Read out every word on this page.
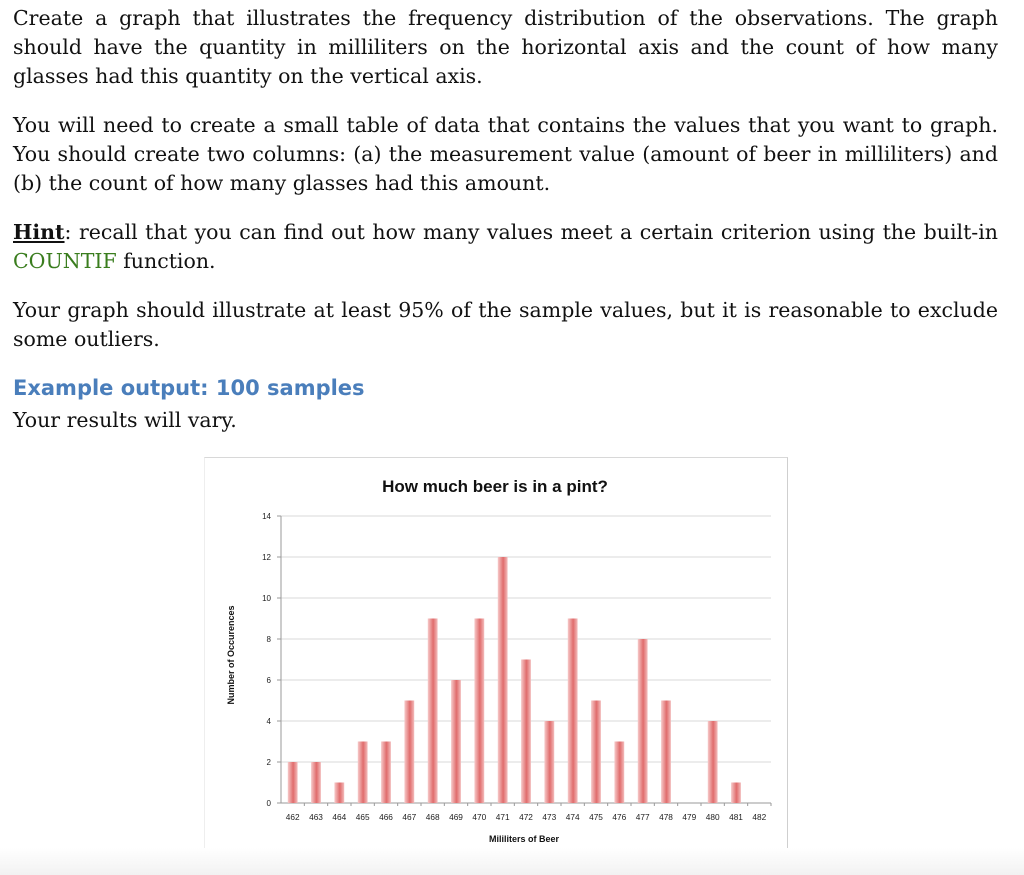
Create a graph that illustrates the frequency distribution of the observations. The graph should have the quantity in milliliters on the horizontal axis and the count of how many glasses had this quantity on the vertical axis.

You will need to create a small table of data that contains the values that you want to graph. You should create two columns: (a) the measurement value (amount of beer in milliliters) and (b) the count of how many glasses had this amount.

Hint: recall that you can find out how many values meet a certain criterion using the built-in COUNTIF function.

Your graph should illustrate at least 95% of the sample values, but it is reasonable to exclude some outliers.

Example output: 100 samples

Your results will vary.

0
2
4
6
8
10
12
14
462 463 464 465 466 467 468 469 470 471 472 473 474 475 476 477 478 479 480 481 482
How much beer is in a pint?
Mililiters of Beer
Number of Occurences
